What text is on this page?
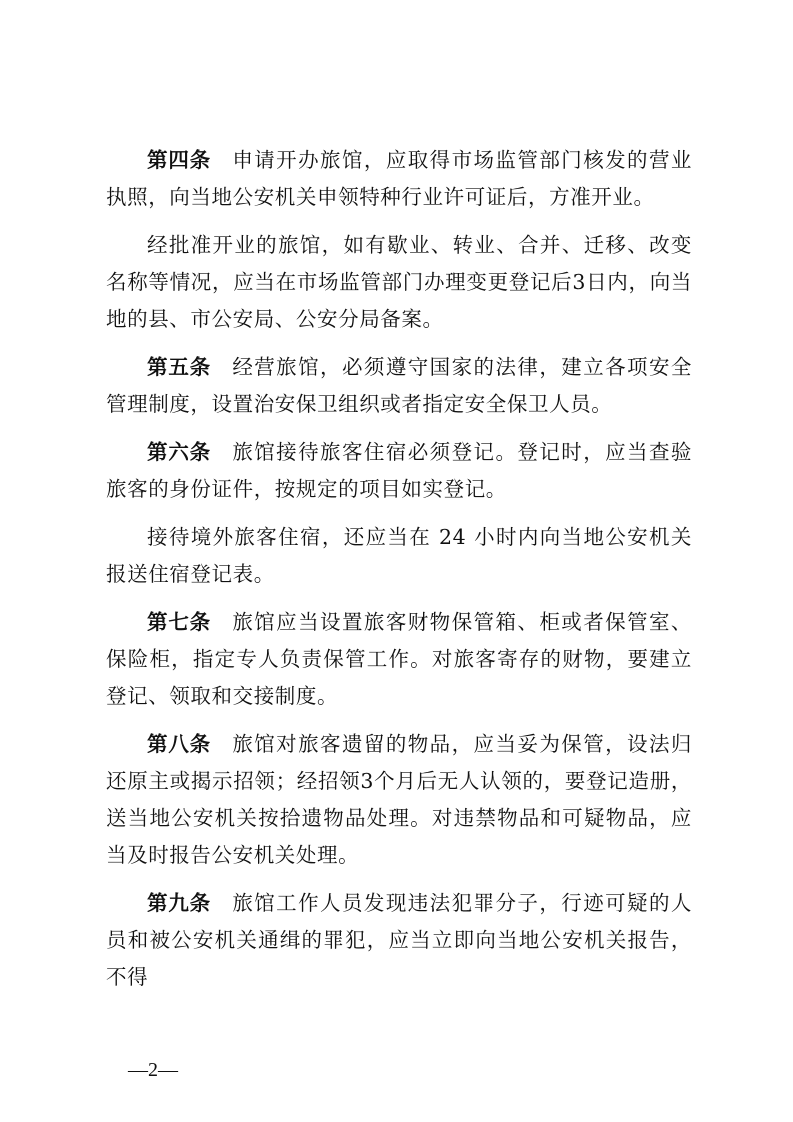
第四条 申请开办旅馆，应取得市场监管部门核发的营业执照，向当地公安机关申领特种行业许可证后，方准开业。

经批准开业的旅馆，如有歇业、转业、合并、迁移、改变名称等情况，应当在市场监管部门办理变更登记后3日内，向当地的县、市公安局、公安分局备案。

第五条 经营旅馆，必须遵守国家的法律，建立各项安全管理制度，设置治安保卫组织或者指定安全保卫人员。

第六条 旅馆接待旅客住宿必须登记。登记时，应当查验旅客的身份证件，按规定的项目如实登记。

接待境外旅客住宿，还应当在 24 小时内向当地公安机关报送住宿登记表。

第七条 旅馆应当设置旅客财物保管箱、柜或者保管室、保险柜，指定专人负责保管工作。对旅客寄存的财物，要建立登记、领取和交接制度。

第八条 旅馆对旅客遗留的物品，应当妥为保管，设法归还原主或揭示招领；经招领3个月后无人认领的，要登记造册，送当地公安机关按拾遗物品处理。对违禁物品和可疑物品，应当及时报告公安机关处理。

第九条 旅馆工作人员发现违法犯罪分子，行迹可疑的人员和被公安机关通缉的罪犯，应当立即向当地公安机关报告，不得

—2—
